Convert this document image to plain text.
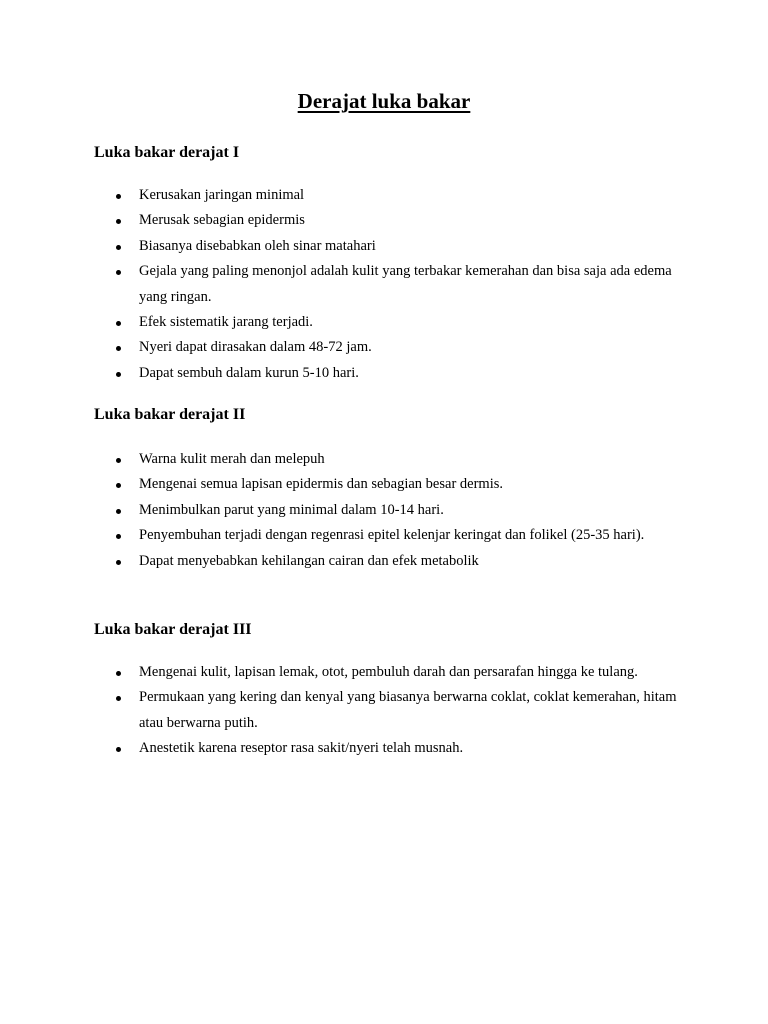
Derajat luka bakar
Luka bakar derajat I
Kerusakan jaringan minimal
Merusak sebagian epidermis
Biasanya disebabkan oleh sinar matahari
Gejala yang paling menonjol adalah kulit yang terbakar kemerahan dan bisa saja ada edema yang ringan.
Efek sistematik jarang terjadi.
Nyeri dapat dirasakan dalam 48-72 jam.
Dapat sembuh dalam kurun 5-10 hari.
Luka bakar derajat II
Warna kulit merah dan melepuh
Mengenai semua lapisan epidermis dan sebagian besar dermis.
Menimbulkan parut yang minimal dalam 10-14 hari.
Penyembuhan terjadi dengan regenrasi epitel kelenjar keringat dan folikel (25-35 hari).
Dapat menyebabkan kehilangan cairan dan efek metabolik
Luka bakar derajat III
Mengenai kulit, lapisan lemak, otot, pembuluh darah dan persarafan hingga ke tulang.
Permukaan yang kering dan kenyal yang biasanya berwarna coklat, coklat kemerahan, hitam atau berwarna putih.
Anestetik karena reseptor rasa sakit/nyeri telah musnah.
